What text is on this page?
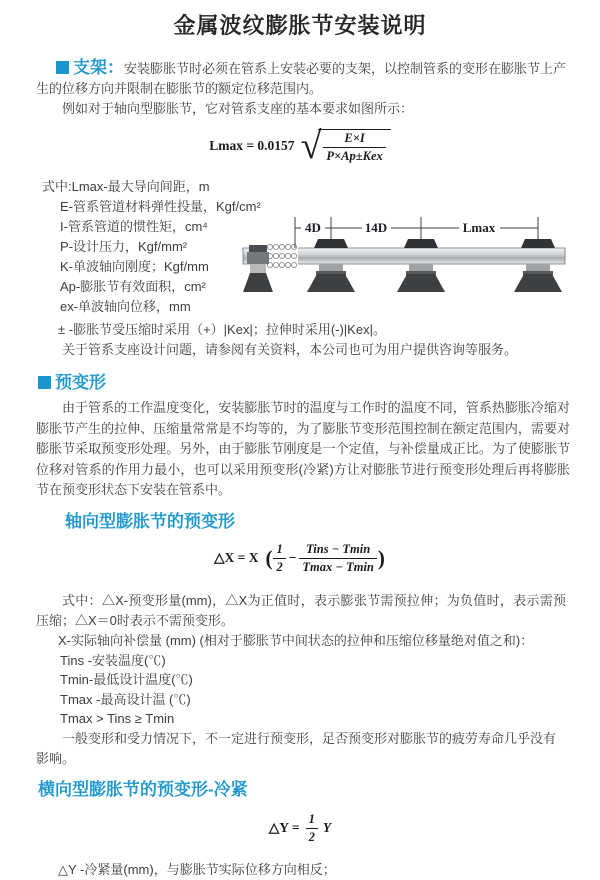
金属波纹膨胀节安装说明

支架：安装膨胀节时必须在管系上安装必要的支架，以控制管系的变形在膨胀节上产生的位移方向并限制在膨胀节的额定位移范围内。

例如对于轴向型膨胀节，它对管系支座的基本要求如图所示：

Lmax = 0.0157 √ $\frac{E\times I}{\text{P×Ap±Kex}}$
式中:Lmax-最大导向间距，m
E-管系管道材料弹性投量，Kgf/cm²
I-管系管道的惯性矩，cm⁴
P-设计压力，Kgf/mm²
K-单波轴向刚度；Kgf/mm
Ap-膨胀节有效面积，cm²
ex-单波轴向位移，mm
4D	14D	Lmax

± -膨胀节受压缩时采用（+）|Kex|；拉伸时采用(-)|Kex|。

关于管系支座设计问题，请参阅有关资料，本公司也可为用户提供咨询等服务。

预变形

由于管系的工作温度变化，安装膨胀节时的温度与工作时的温度不同，管系热膨胀冷缩对膨胀节产生的拉伸、压缩量常常是不均等的，为了膨胀节变形范围控制在额定范围内，需要对膨胀节采取预变形处理。另外，由于膨胀节刚度是一个定值，与补偿量成正比。为了使膨胀节位移对管系的作用力最小，也可以采用预变形(冷紧)方让对膨胀节进行预变形处理后再将膨胀节在预变形状态下安装在管系中。

轴向型膨胀节的预变形
△X = X ( $\frac{1}{2} - \frac{\text{Tins − Tmin}}{Tmax - Tmin}$ )

式中：△X-预变形量(mm)，△X为正值时，表示膨张节需预拉伸；为负值时，表示需预压缩；△X＝0时表示不需预变形。

X-实际轴向补偿量 (mm) (相对于膨胀节中间状态的拉伸和压缩位移量绝对值之和)：

Tins -安装温度(℃)
Tmin-最低设计温度(℃)
Tmax -最高设计温 (℃)
Tmax > Tins ≥ Tmin

一般变形和受力情况下，不一定进行预变形，足否预变形对膨胀节的疲劳寿命几乎没有影响。

横向型膨胀节的预变形-冷紧
△Y = $\frac{1}{2}$ Y

△Y -冷紧量(mm)，与膨胀节实际位移方向相反；
